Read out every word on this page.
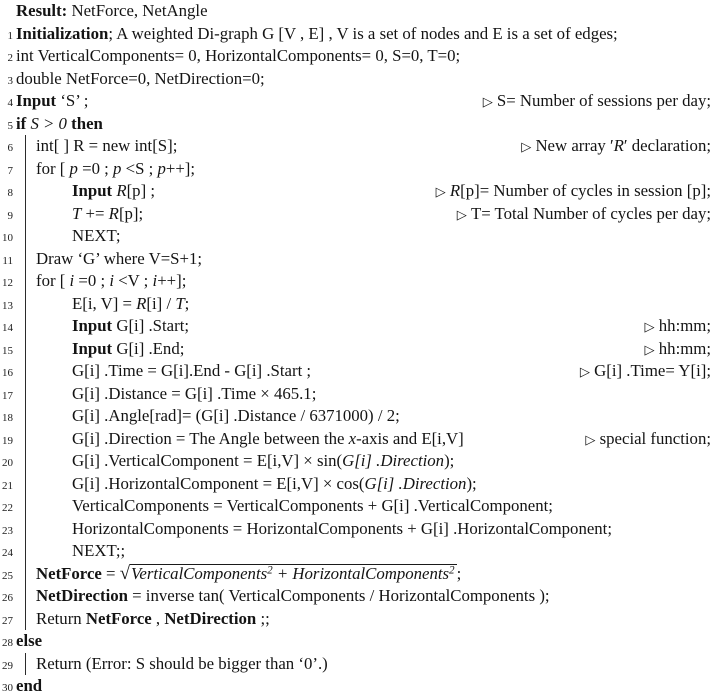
Result: NetForce, NetAngle
1 Initialization; A weighted Di-graph G [V , E] , V is a set of nodes and E is a set of edges;
2 int VerticalComponents= 0, HorizontalComponents= 0, S=0, T=0;
3 double NetForce=0, NetDirection=0;
4 Input ‘S’ ;	▷ S= Number of sessions per day;
5 if S > 0 then
6 int[ ] R = new int[S];	▷ New array ′R′ declaration;
7 for [ p =0 ; p <S ; p++];
8	Input R[p] ;	▷ R[p]= Number of cycles in session [p];
9	T += R[p];	▷ T= Total Number of cycles per day;
10	NEXT;
11 Draw ‘G’ where V=S+1;
12 for [ i =0 ; i <V ; i++];
13	E[i, V] = R[i] / T;
14	Input G[i] .Start;	▷ hh:mm;
15	Input G[i] .End;	▷ hh:mm;
16	G[i] .Time = G[i].End - G[i] .Start ;	▷ G[i] .Time= Y[i];
17	G[i] .Distance = G[i] .Time × 465.1;
18	G[i] .Angle[rad]= (G[i] .Distance / 6371000) / 2;
19	G[i] .Direction = The Angle between the x-axis and E[i,V]	▷ special function;
20	G[i] .VerticalComponent = E[i,V] × sin(G[i] .Direction);
21	G[i] .HorizontalComponent = E[i,V] × cos(G[i] .Direction);
22	VerticalComponents = VerticalComponents + G[i] .VerticalComponent;
23	HorizontalComponents = HorizontalComponents + G[i] .HorizontalComponent;
24	NEXT;;
25 NetForce = √VerticalComponents$^2$ + HorizontalComponents$^2$ ;
26 NetDirection = inverse tan( VerticalComponents / HorizontalComponents );
27 Return NetForce , NetDirection ;;
28 else
29 Return (Error: S should be bigger than ‘0’.)
30 end
